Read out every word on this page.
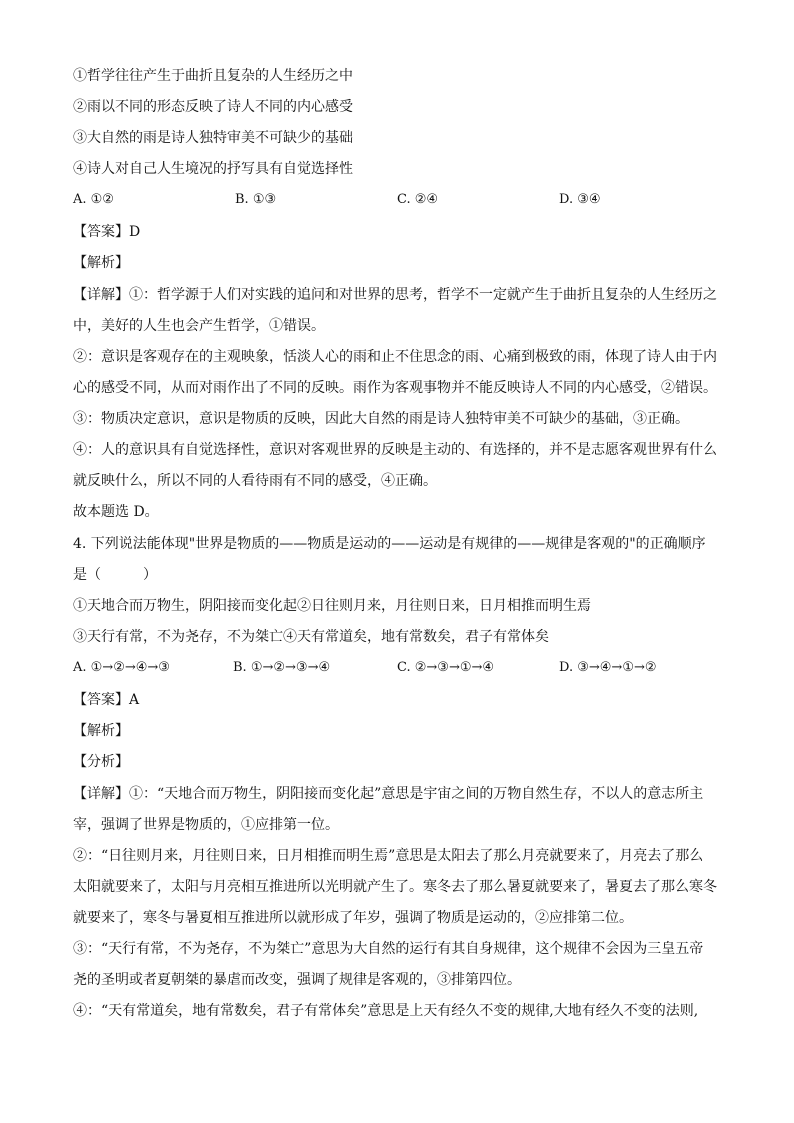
①哲学往往产生于曲折且复杂的人生经历之中
②雨以不同的形态反映了诗人不同的内心感受
③大自然的雨是诗人独特审美不可缺少的基础
④诗人对自己人生境况的抒写具有自觉选择性
A. ①②	B. ①③	C. ②④	D. ③④
【答案】D
【解析】
【详解】①：哲学源于人们对实践的追问和对世界的思考，哲学不一定就产生于曲折且复杂的人生经历之
中，美好的人生也会产生哲学，①错误。
②：意识是客观存在的主观映象，恬淡人心的雨和止不住思念的雨、心痛到极致的雨，体现了诗人由于内
心的感受不同，从而对雨作出了不同的反映。雨作为客观事物并不能反映诗人不同的内心感受，②错误。
③：物质决定意识，意识是物质的反映，因此大自然的雨是诗人独特审美不可缺少的基础，③正确。
④：人的意识具有自觉选择性，意识对客观世界的反映是主动的、有选择的，并不是志愿客观世界有什么
就反映什么，所以不同的人看待雨有不同的感受，④正确。
故本题选 D。
4. 下列说法能体现"世界是物质的——物质是运动的——运动是有规律的——规律是客观的"的正确顺序
是（　　　）
①天地合而万物生，阴阳接而变化起②日往则月来，月往则日来，日月相推而明生焉
③天行有常，不为尧存，不为桀亡④天有常道矣，地有常数矣，君子有常体矣
A. ①→②→④→③	B. ①→②→③→④	C. ②→③→①→④	D. ③→④→①→②
【答案】A
【解析】
【分析】
【详解】①：“天地合而万物生，阴阳接而变化起”意思是宇宙之间的万物自然生存，不以人的意志所主
宰，强调了世界是物质的，①应排第一位。
②：“日往则月来，月往则日来，日月相推而明生焉”意思是太阳去了那么月亮就要来了，月亮去了那么
太阳就要来了，太阳与月亮相互推进所以光明就产生了。寒冬去了那么暑夏就要来了，暑夏去了那么寒冬
就要来了，寒冬与暑夏相互推进所以就形成了年岁，强调了物质是运动的，②应排第二位。
③：“天行有常，不为尧存，不为桀亡”意思为大自然的运行有其自身规律，这个规律不会因为三皇五帝
尧的圣明或者夏朝桀的暴虐而改变，强调了规律是客观的，③排第四位。
④：“天有常道矣，地有常数矣，君子有常体矣”意思是上天有经久不变的规律,大地有经久不变的法则,
